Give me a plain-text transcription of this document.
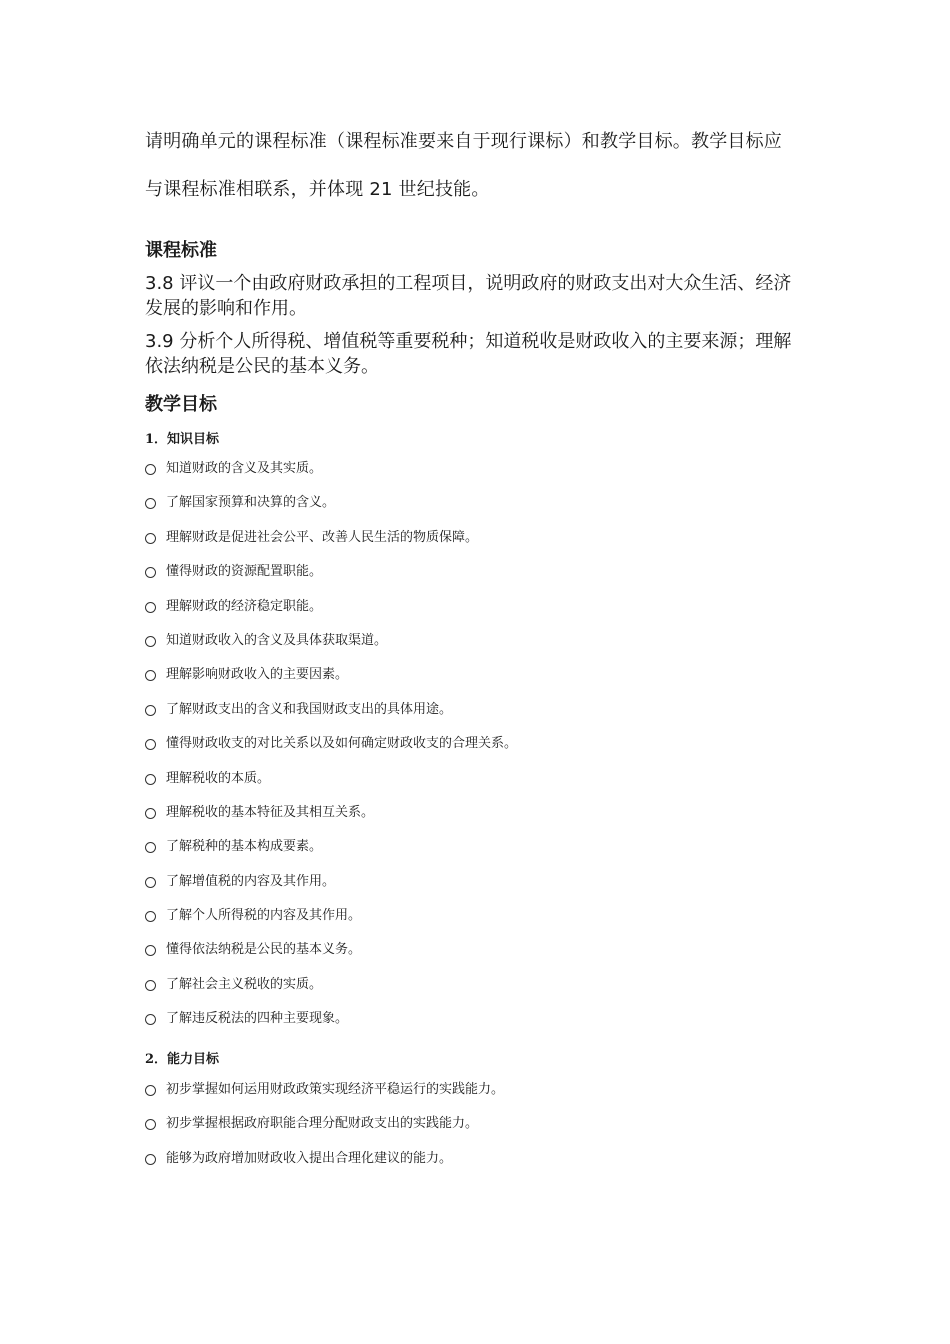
请明确单元的课程标准（课程标准要来自于现行课标）和教学目标。教学目标应

与课程标准相联系，并体现 21 世纪技能。

课程标准

3.8 评议一个由政府财政承担的工程项目，说明政府的财政支出对大众生活、经济发展的影响和作用。

3.9 分析个人所得税、增值税等重要税种；知道税收是财政收入的主要来源；理解依法纳税是公民的基本义务。

教学目标
1．知识目标
知道财政的含义及其实质。
了解国家预算和决算的含义。
理解财政是促进社会公平、改善人民生活的物质保障。
懂得财政的资源配置职能。
理解财政的经济稳定职能。
知道财政收入的含义及具体获取渠道。
理解影响财政收入的主要因素。
了解财政支出的含义和我国财政支出的具体用途。
懂得财政收支的对比关系以及如何确定财政收支的合理关系。
理解税收的本质。
理解税收的基本特征及其相互关系。
了解税种的基本构成要素。
了解增值税的内容及其作用。
了解个人所得税的内容及其作用。
懂得依法纳税是公民的基本义务。
了解社会主义税收的实质。
了解违反税法的四种主要现象。
2．能力目标
初步掌握如何运用财政政策实现经济平稳运行的实践能力。
初步掌握根据政府职能合理分配财政支出的实践能力。
能够为政府增加财政收入提出合理化建议的能力。
